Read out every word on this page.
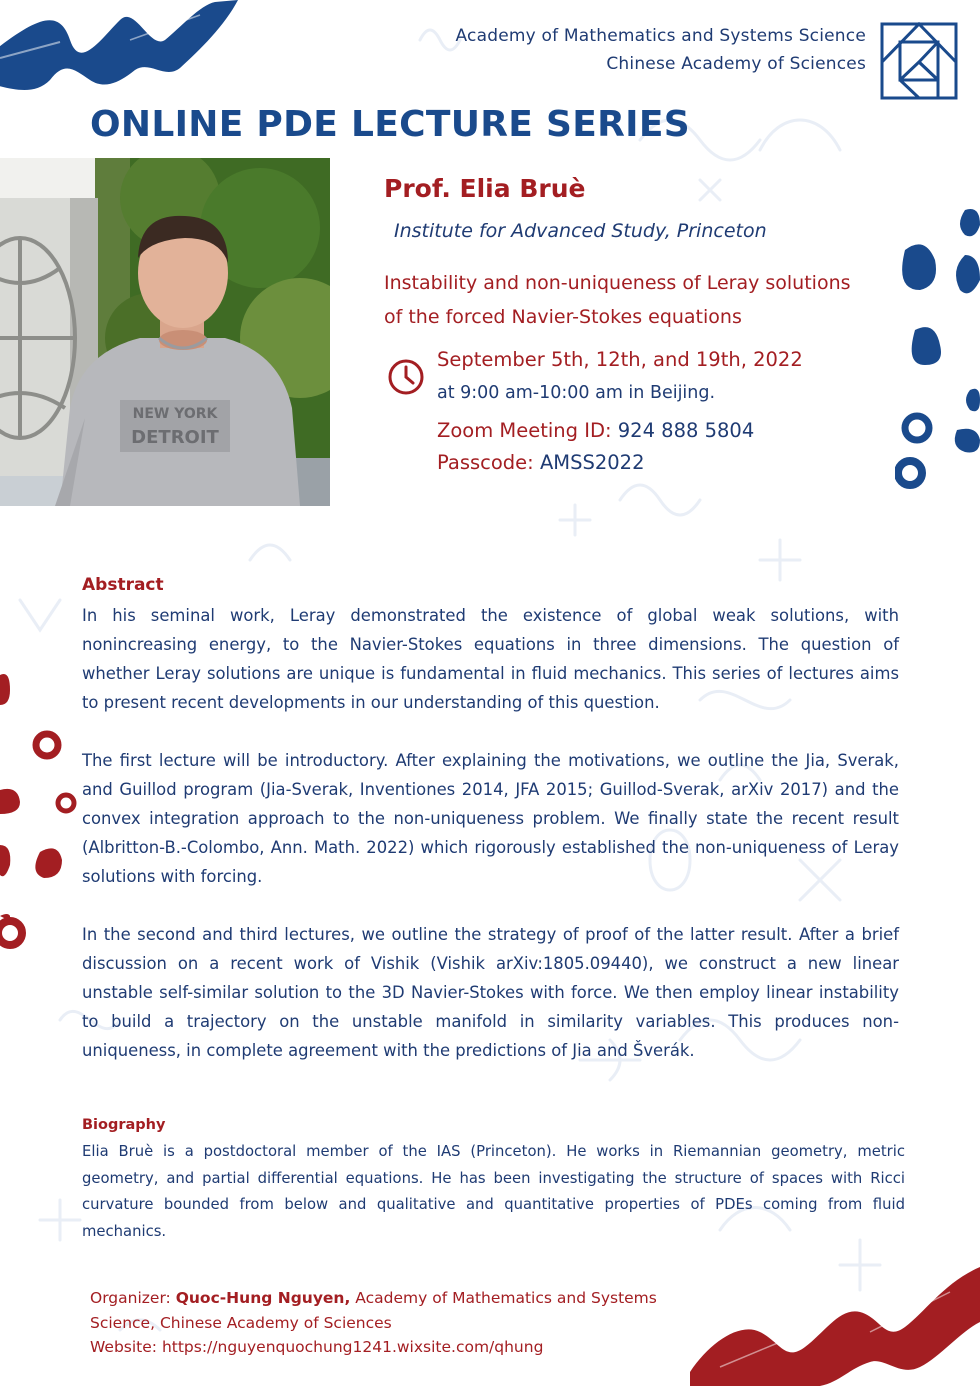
Academy of Mathematics and Systems Science
Chinese Academy of Sciences
ONLINE PDE LECTURE SERIES
NEW YORK
DETROIT
Prof. Elia Bruè
Institute for Advanced Study, Princeton
Instability and non-uniqueness of Leray solutions
of the forced Navier-Stokes equations
September 5th, 12th, and 19th, 2022
at 9:00 am-10:00 am in Beijing.
Zoom Meeting ID: 924 888 5804
Passcode: AMSS2022
Abstract

In his seminal work, Leray demonstrated the existence of global weak solutions, with nonincreasing energy, to the Navier-Stokes equations in three dimensions. The question of whether Leray solutions are unique is fundamental in fluid mechanics. This series of lectures aims to present recent developments in our understanding of this question.

The first lecture will be introductory. After explaining the motivations, we outline the Jia, Sverak, and Guillod program (Jia-Sverak, Inventiones 2014, JFA 2015; Guillod-Sverak, arXiv 2017) and the convex integration approach to the non-uniqueness problem. We finally state the recent result (Albritton-B.-Colombo, Ann. Math. 2022) which rigorously established the non-uniqueness of Leray solutions with forcing.

In the second and third lectures, we outline the strategy of proof of the latter result. After a brief discussion on a recent work of Vishik (Vishik arXiv:1805.09440), we construct a new linear unstable self-similar solution to the 3D Navier-Stokes with force. We then employ linear instability to build a trajectory on the unstable manifold in similarity variables. This produces non-uniqueness, in complete agreement with the predictions of Jia and Šverák.

Biography
Elia Bruè is a postdoctoral member of the IAS (Princeton). He works in Riemannian geometry, metric geometry, and partial differential equations. He has been investigating the structure of spaces with Ricci curvature bounded from below and qualitative and quantitative properties of PDEs coming from fluid mechanics.
Organizer: Quoc-Hung Nguyen, Academy of Mathematics and Systems
Science, Chinese Academy of Sciences
Website: https://nguyenquochung1241.wixsite.com/qhung
